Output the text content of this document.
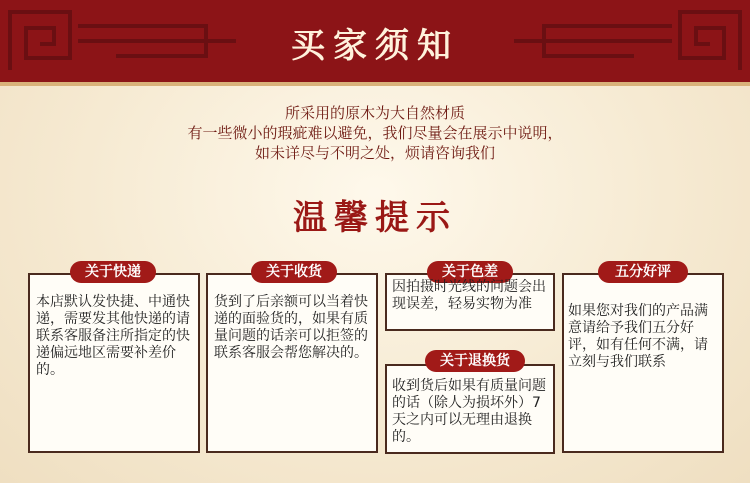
买家须知
所采用的原木为大自然材质
有一些微小的瑕疵难以避免，我们尽量会在展示中说明，
如未详尽与不明之处，烦请咨询我们
温馨提示
关于快递
本店默认发快捷、中通快递，需要发其他快递的请联系客服备注所指定的快递偏远地区需要补差价的。
关于收货
货到了后亲额可以当着快递的面验货的，如果有质量问题的话亲可以拒签的联系客服会帮您解决的。
关于色差
因拍摄时光线的问题会出现误差，轻易实物为准
关于退换货
收到货后如果有质量问题的话（除人为损坏外）7天之内可以无理由退换的。
五分好评
如果您对我们的产品满意请给予我们五分好评，如有任何不满，请立刻与我们联系
